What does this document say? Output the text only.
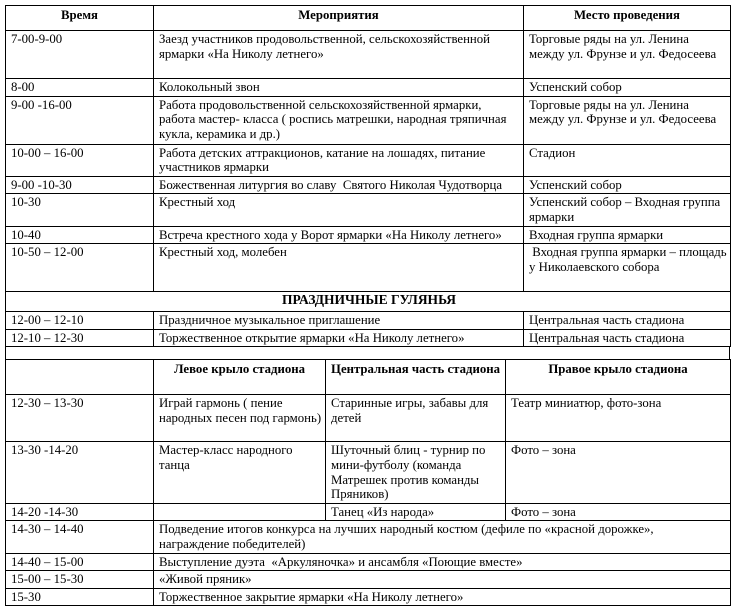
Время	Мероприятия	Место проведения
7-00-9-00	Заезд участников продовольственной, сельскохозяйственной ярмарки «На Николу летнего»	Торговые ряды на ул. Ленина между ул. Фрунзе и ул. Федосеева
8-00	Колокольный звон	Успенский собор
9-00 -16-00	Работа продовольственной сельскохозяйственной ярмарки, работа мастер- класса ( роспись матрешки, народная тряпичная кукла, керамика и др.)	Торговые ряды на ул. Ленина между ул. Фрунзе и ул. Федосеева
10-00 – 16-00	Работа детских аттракционов, катание на лошадях, питание участников ярмарки	Стадион
9-00 -10-30	Божественная литургия во славу  Святого Николая Чудотворца	Успенский собор
10-30	Крестный ход	Успенский собор – Входная группа ярмарки
10-40	Встреча крестного хода у Ворот ярмарки «На Николу летнего»	Входная группа ярмарки
10-50 – 12-00	Крестный ход, молебен	Входная группа ярмарки – площадь у Николаевского собора
ПРАЗДНИЧНЫЕ ГУЛЯНЬЯ		
12-00 – 12-10	Праздничное музыкальное приглашение	Центральная часть стадиона
12-10 – 12-30	Торжественное открытие ярмарки «На Николу летнего»	Центральная часть стадиона
	Левое крыло стадиона	Центральная часть стадиона	Правое крыло стадиона
12-30 – 13-30	Играй гармонь ( пение народных песен под гармонь)	Старинные игры, забавы для детей	Театр миниатюр, фото-зона
13-30 -14-20	Мастер-класс народного танца	Шуточный блиц - турнир по мини-футболу (команда Матрешек против команды Пряников)	Фото – зона
14-20 -14-30		Танец «Из народа»	Фото – зона
14-30 – 14-40	Подведение итогов конкурса на лучших народный костюм (дефиле по «красной дорожке», награждение победителей)		
14-40 – 15-00	Выступление дуэта  «Аркуляночка» и ансамбля «Поющие вместе»		
15-00 – 15-30	«Живой пряник»		
15-30	Торжественное закрытие ярмарки «На Николу летнего»		
